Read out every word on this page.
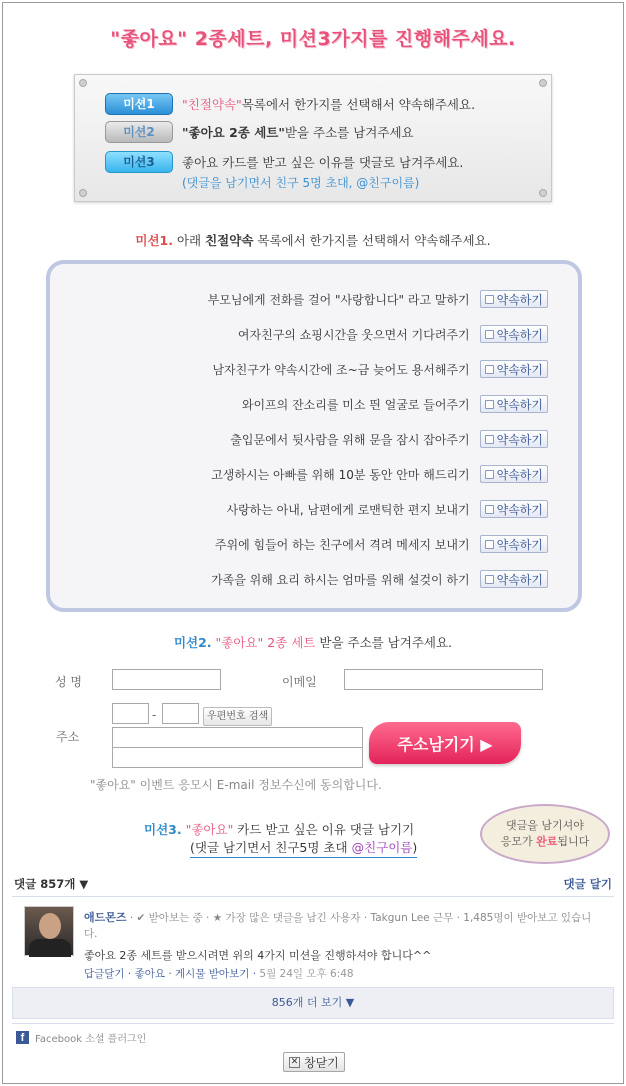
"좋아요" 2종세트, 미션3가지를 진행해주세요.
미션1	"친절약속" 목록에서 한가지를 선택해서 약속해주세요.
미션2	"좋아요 2종 세트" 받을 주소를 남겨주세요
미션3	좋아요 카드를 받고 싶은 이유를 댓글로 남겨주세요.
(댓글을 남기면서 친구 5명 초대, @친구이름)
미션1. 아래 친절약속 목록에서 한가지를 선택해서 약속해주세요.
부모님에게 전화를 걸어 "사랑합니다" 라고 말하기 약속하기
여자친구의 쇼핑시간을 웃으면서 기다려주기 약속하기
남자친구가 약속시간에 조~금 늦어도 용서해주기 약속하기
와이프의 잔소리를 미소 띈 얼굴로 들어주기 약속하기
출입문에서 뒷사람을 위해 문을 잠시 잡아주기 약속하기
고생하시는 아빠를 위해 10분 동안 안마 해드리기 약속하기
사랑하는 아내, 남편에게 로맨틱한 편지 보내기 약속하기
주위에 힘들어 하는 친구에서 격려 메세지 보내기 약속하기
가족을 위해 요리 하시는 엄마를 위해 설겆이 하기 약속하기
미션2. "좋아요" 2종 세트 받을 주소를 남겨주세요.
성 명	이메일
-	우편번호 검색
주소	주소남기기 ▶
"좋아요" 이벤트 응모시 E-mail 정보수신에 동의합니다.
미션3. "좋아요" 카드 받고 싶은 이유 댓글 남기기
(댓글 남기면서 친구5명 초대 @친구이름)
댓글을 남기셔야
응모가 완료됩니다
댓글 857개 ▼	댓글 달기
애드몬즈 · ✔ 받아보는 중 · ★ 가장 많은 댓글을 남긴 사용자 · Takgun Lee 근무 · 1,485명이 받아보고 있습니다.
좋아요 2종 세트를 받으시려면 위의 4가지 미션을 진행하셔야 합니다^^
답글달기 · 좋아요 · 게시물 받아보기 · 5월 24일 오후 6:48
856개 더 보기 ▼
f	Facebook 소셜 플러그인
✕ 창닫기
